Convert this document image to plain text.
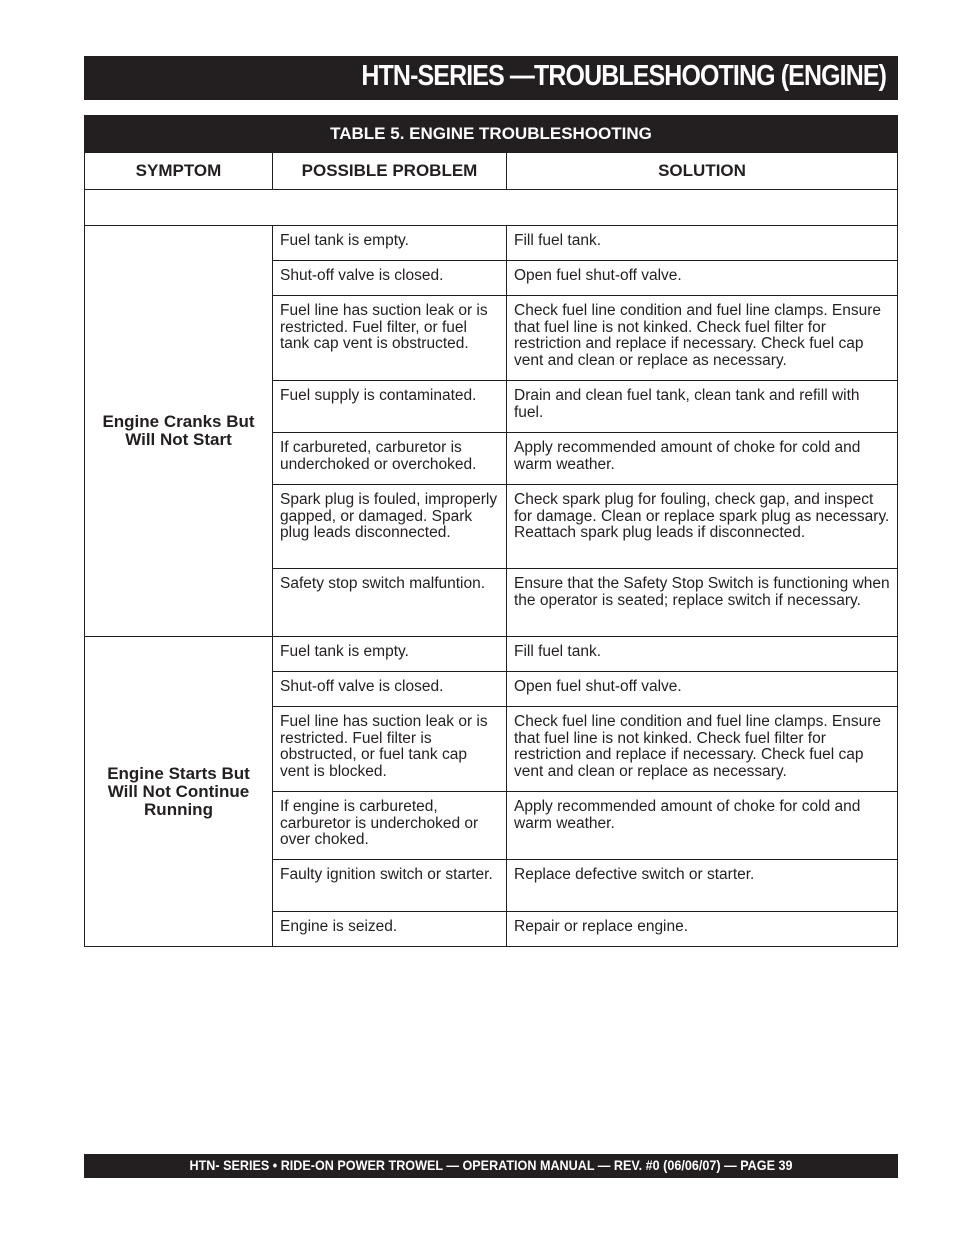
HTN-SERIES —TROUBLESHOOTING (ENGINE)
TABLE 5. ENGINE TROUBLESHOOTING		
SYMPTOM	POSSIBLE PROBLEM	SOLUTION

Engine Cranks But Will Not Start	Fuel tank is empty.	Fill fuel tank.
	Shut-off valve is closed.	Open fuel shut-off valve.
	Fuel line has suction leak or is restricted. Fuel filter, or fuel tank cap vent is obstructed.	Check fuel line condition and fuel line clamps. Ensure that fuel line is not kinked. Check fuel filter for restriction and replace if necessary. Check fuel cap vent and clean or replace as necessary.
	Fuel supply is contaminated.	Drain and clean fuel tank, clean tank and refill with fuel.
	If carbureted, carburetor is underchoked or overchoked.	Apply recommended amount of choke for cold and warm weather.
	Spark plug is fouled, improperly gapped, or damaged. Spark plug leads disconnected.	Check spark plug for fouling, check gap, and inspect for damage. Clean or replace spark plug as necessary. Reattach spark plug leads if disconnected.
	Safety stop switch malfuntion.	Ensure that the Safety Stop Switch is functioning when the operator is seated; replace switch if necessary.
Engine Starts But Will Not Continue Running	Fuel tank is empty.	Fill fuel tank.
	Shut-off valve is closed.	Open fuel shut-off valve.
	Fuel line has suction leak or is restricted. Fuel filter is obstructed, or fuel tank cap vent is blocked.	Check fuel line condition and fuel line clamps. Ensure that fuel line is not kinked. Check fuel filter for restriction and replace if necessary. Check fuel cap vent and clean or replace as necessary.
	If engine is carbureted, carburetor is underchoked or over choked.	Apply recommended amount of choke for cold and warm weather.
	Faulty ignition switch or starter.	Replace defective switch or starter.
	Engine is seized.	Repair or replace engine.
HTN- SERIES • RIDE-ON POWER TROWEL — OPERATION MANUAL — REV. #0 (06/06/07) — PAGE 39
